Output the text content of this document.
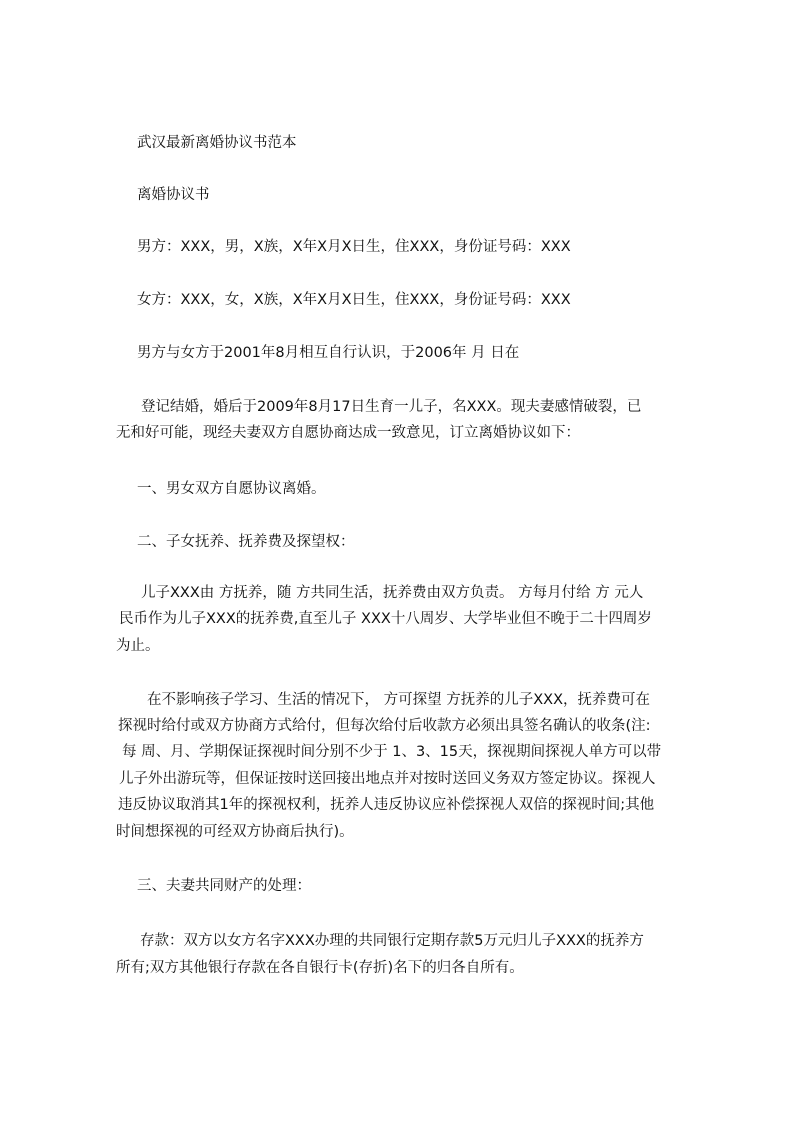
武汉最新离婚协议书范本
离婚协议书
男方：XXX，男，X族，X年X月X日生，住XXX，身份证号码：XXX
女方：XXX，女，X族，X年X月X日生，住XXX，身份证号码：XXX
男方与女方于2001年8月相互自行认识，于2006年 月 日在
登记结婚，婚后于2009年8月17日生育一儿子，名XXX。现夫妻感情破裂，已
无和好可能，现经夫妻双方自愿协商达成一致意见，订立离婚协议如下：
一、男女双方自愿协议离婚。
二、子女抚养、抚养费及探望权：
儿子XXX由 方抚养，随 方共同生活，抚养费由双方负责。 方每月付给 方 元人
民币作为儿子XXX的抚养费,直至儿子 XXX十八周岁、大学毕业但不晚于二十四周岁
为止。
在不影响孩子学习、生活的情况下， 方可探望 方抚养的儿子XXX，抚养费可在
探视时给付或双方协商方式给付，但每次给付后收款方必须出具签名确认的收条(注:
每 周、月、学期保证探视时间分别不少于 1、3、15天，探视期间探视人单方可以带
儿子外出游玩等，但保证按时送回接出地点并对按时送回义务双方签定协议。探视人
违反协议取消其1年的探视权利，抚养人违反协议应补偿探视人双倍的探视时间;其他
时间想探视的可经双方协商后执行)。
三、夫妻共同财产的处理：
存款：双方以女方名字XXX办理的共同银行定期存款5万元归儿子XXX的抚养方
所有;双方其他银行存款在各自银行卡(存折)名下的归各自所有。
